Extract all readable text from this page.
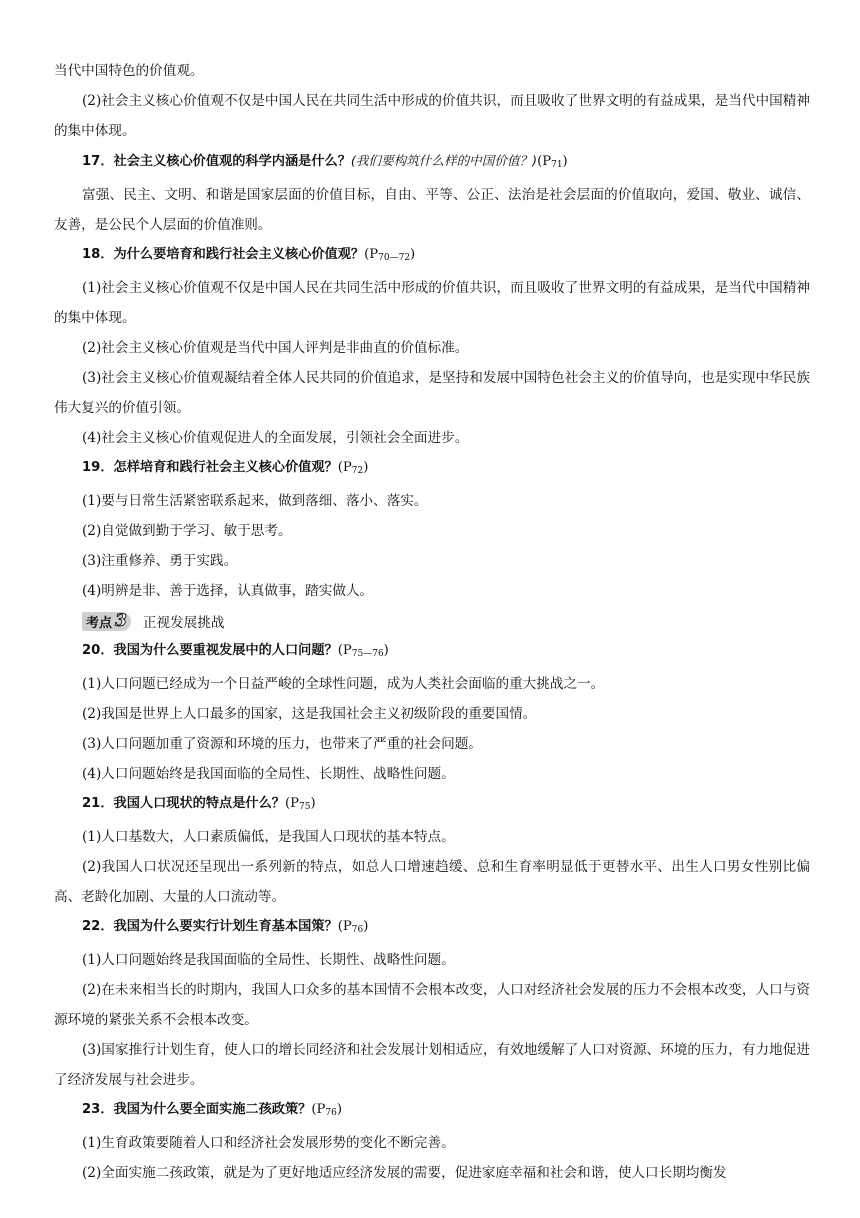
当代中国特色的价值观。

(2)社会主义核心价值观不仅是中国人民在共同生活中形成的价值共识，而且吸收了世界文明的有益成果，是当代中国精神的集中体现。

17．社会主义核心价值观的科学内涵是什么？(我们要构筑什么样的中国价值？)$(P_{71})$

富强、民主、文明、和谐是国家层面的价值目标，自由、平等、公正、法治是社会层面的价值取向，爱国、敬业、诚信、友善，是公民个人层面的价值准则。

18．为什么要培育和践行社会主义核心价值观？$(P_{70—72})$

(1)社会主义核心价值观不仅是中国人民在共同生活中形成的价值共识，而且吸收了世界文明的有益成果，是当代中国精神的集中体现。

(2)社会主义核心价值观是当代中国人评判是非曲直的价值标准。

(3)社会主义核心价值观凝结着全体人民共同的价值追求，是坚持和发展中国特色社会主义的价值导向，也是实现中华民族伟大复兴的价值引领。

(4)社会主义核心价值观促进人的全面发展，引领社会全面进步。

19．怎样培育和践行社会主义核心价值观？$(P_{72})$

(1)要与日常生活紧密联系起来，做到落细、落小、落实。

(2)自觉做到勤于学习、敏于思考。

(3)注重修养、勇于实践。

(4)明辨是非、善于选择，认真做事，踏实做人。

考点 3 正视发展挑战

20．我国为什么要重视发展中的人口问题？$(P_{75—76})$

(1)人口问题已经成为一个日益严峻的全球性问题，成为人类社会面临的重大挑战之一。

(2)我国是世界上人口最多的国家，这是我国社会主义初级阶段的重要国情。

(3)人口问题加重了资源和环境的压力，也带来了严重的社会问题。

(4)人口问题始终是我国面临的全局性、长期性、战略性问题。

21．我国人口现状的特点是什么？$(P_{75})$

(1)人口基数大，人口素质偏低，是我国人口现状的基本特点。

(2)我国人口状况还呈现出一系列新的特点，如总人口增速趋缓、总和生育率明显低于更替水平、出生人口男女性别比偏高、老龄化加剧、大量的人口流动等。

22．我国为什么要实行计划生育基本国策？$(P_{76})$

(1)人口问题始终是我国面临的全局性、长期性、战略性问题。

(2)在未来相当长的时期内，我国人口众多的基本国情不会根本改变，人口对经济社会发展的压力不会根本改变，人口与资源环境的紧张关系不会根本改变。

(3)国家推行计划生育，使人口的增长同经济和社会发展计划相适应，有效地缓解了人口对资源、环境的压力，有力地促进了经济发展与社会进步。

23．我国为什么要全面实施二孩政策？$(P_{76})$

(1)生育政策要随着人口和经济社会发展形势的变化不断完善。

(2)全面实施二孩政策，就是为了更好地适应经济发展的需要，促进家庭幸福和社会和谐，使人口长期均衡发
